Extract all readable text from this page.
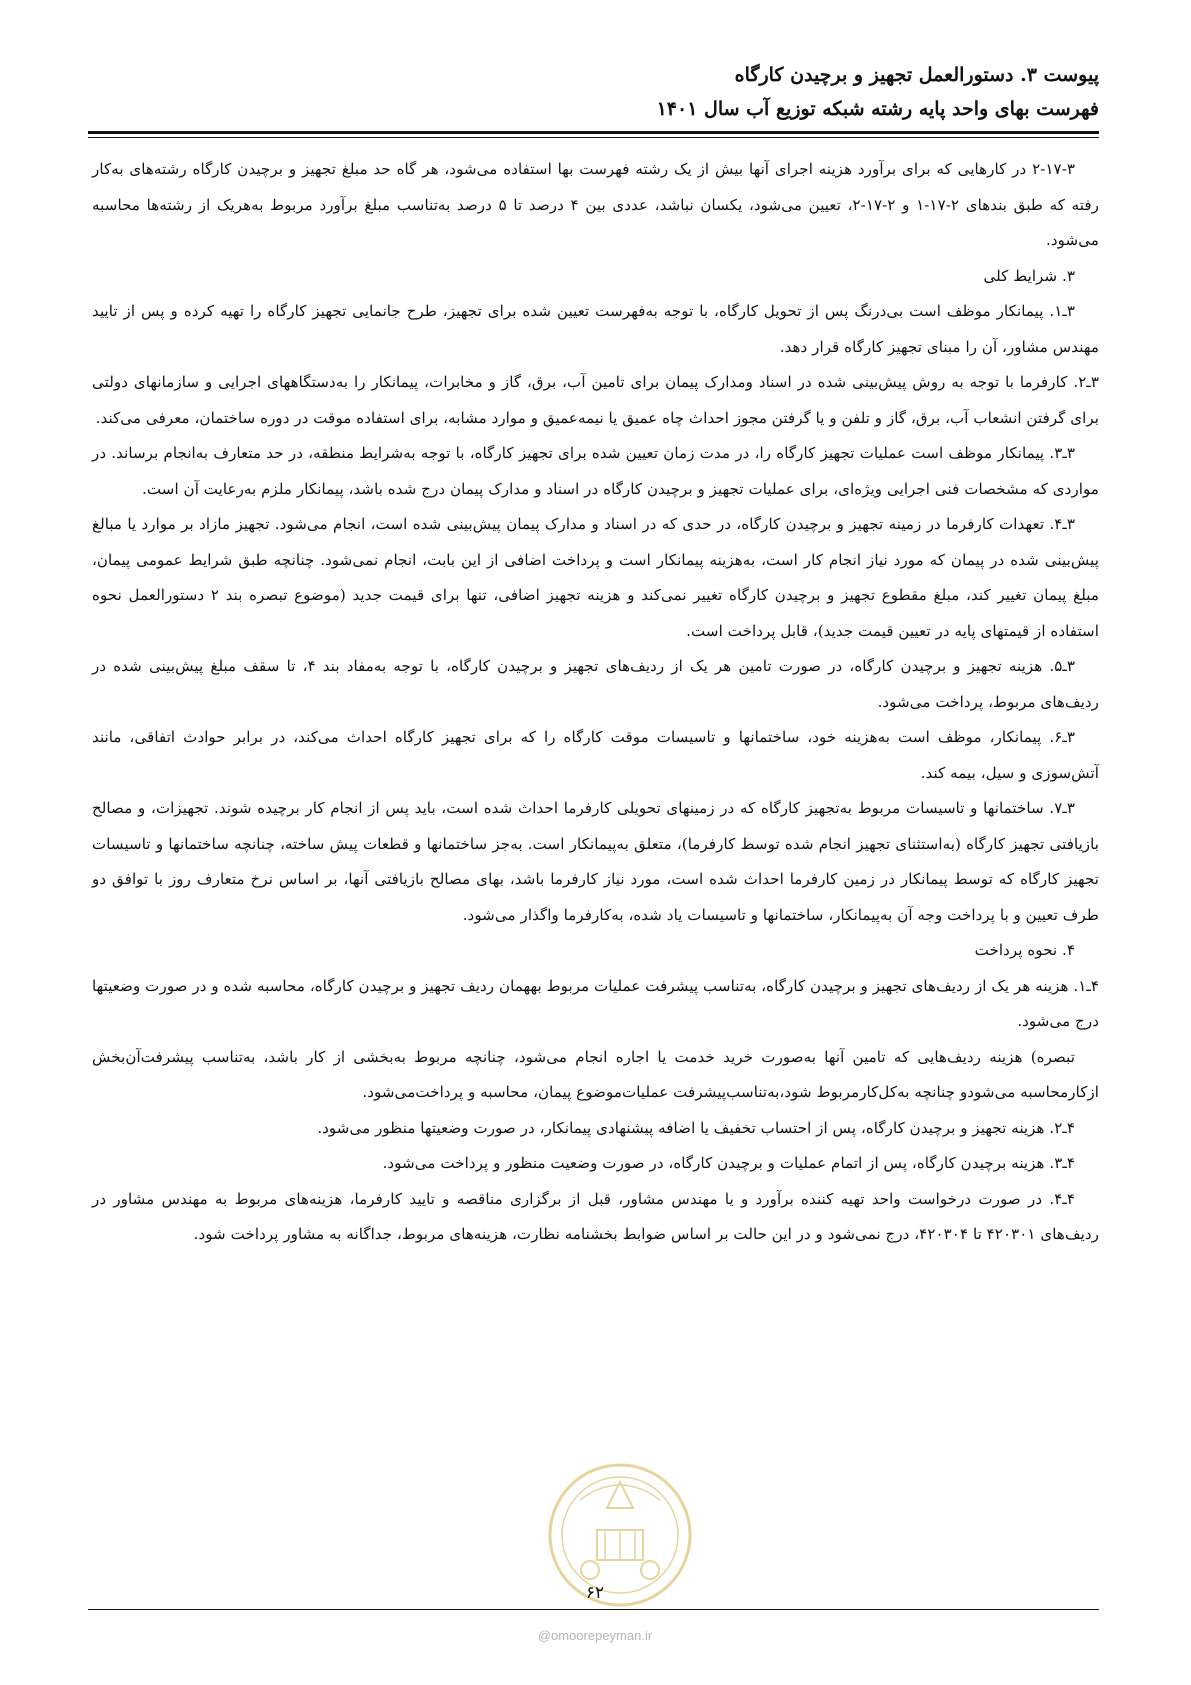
پیوست ۳. دستورالعمل تجهیز و برچیدن کارگاه
فهرست بهای واحد پایه رشته شبکه توزیع آب سال ۱۴۰۱

۲-۱۷-۳ در کارهایی که برای برآورد هزینه اجرای آنها بیش از یک رشته فهرست بها استفاده می‌شود، هر گاه حد مبلغ تجهیز و برچیدن کارگاه رشته‌های به‌کار رفته که طبق بندهای ۲-۱۷-۱ و ۲-۱۷-۲، تعیین می‌شود، یکسان نباشد، عددی بین ۴ درصد تا ۵ درصد به‌تناسب مبلغ برآورد مربوط به‌هریک از رشته‌ها محاسبه می‌شود.

۳. شرایط کلی

۳ـ۱. پیمانکار موظف است بی‌درنگ پس از تحویل کارگاه، با توجه به‌فهرست تعیین شده برای تجهیز، طرح جانمایی تجهیز کارگاه را تهیه کرده و پس از تایید مهندس مشاور، آن را مبنای تجهیز کارگاه قرار دهد.

۳ـ۲. کارفرما با توجه به روش پیش‌بینی شده در اسناد ومدارک پیمان برای تامین آب، برق، گاز و مخابرات، پیمانکار را به‌دستگاههای اجرایی و سازمانهای دولتی برای گرفتن انشعاب آب، برق، گاز و تلفن و یا گرفتن مجوز احداث چاه عمیق یا نیمه‌عمیق و موارد مشابه، برای استفاده موقت در دوره ساختمان، معرفی می‌کند.

۳ـ۳. پیمانکار موظف است عملیات تجهیز کارگاه را، در مدت زمان تعیین شده برای تجهیز کارگاه، با توجه به‌شرایط منطقه، در حد متعارف به‌انجام برساند. در مواردی که مشخصات فنی اجرایی ویژه‌ای، برای عملیات تجهیز و برچیدن کارگاه در اسناد و مدارک پیمان درج شده باشد، پیمانکار ملزم به‌رعایت آن است.

۳ـ۴. تعهدات کارفرما در زمینه تجهیز و برچیدن کارگاه، در حدی که در اسناد و مدارک پیمان پیش‌بینی شده است، انجام می‌شود. تجهیز مازاد بر موارد یا مبالغ پیش‌بینی شده در پیمان که مورد نیاز انجام کار است، به‌هزینه پیمانکار است و پرداخت اضافی از این بابت، انجام نمی‌شود. چنانچه طبق شرایط عمومی پیمان، مبلغ پیمان تغییر کند، مبلغ مقطوع تجهیز و برچیدن کارگاه تغییر نمی‌کند و هزینه تجهیز اضافی، تنها برای قیمت جدید (موضوع تبصره بند ۲ دستورالعمل نحوه استفاده از قیمتهای پایه در تعیین قیمت جدید)، قابل پرداخت است.

۳ـ۵. هزینه تجهیز و برچیدن کارگاه، در صورت تامین هر یک از ردیف‌های تجهیز و برچیدن کارگاه، با توجه به‌مفاد بند ۴، تا سقف مبلغ پیش‌بینی شده در ردیف‌های مربوط، پرداخت می‌شود.

۳ـ۶. پیمانکار، موظف است به‌هزینه خود، ساختمانها و تاسیسات موقت کارگاه را که برای تجهیز کارگاه احداث می‌کند، در برابر حوادث اتفاقی، مانند آتش‌سوزی و سیل، بیمه کند.

۳ـ۷. ساختمانها و تاسیسات مربوط به‌تجهیز کارگاه که در زمینهای تحویلی کارفرما احداث شده است، باید پس از انجام کار برچیده شوند. تجهیزات، و مصالح بازیافتی تجهیز کارگاه (به‌استثنای تجهیز انجام شده توسط کارفرما)، متعلق به‌پیمانکار است. به‌جز ساختمانها و قطعات پیش ساخته، چنانچه ساختمانها و تاسیسات تجهیز کارگاه که توسط پیمانکار در زمین کارفرما احداث شده است، مورد نیاز کارفرما باشد، بهای مصالح بازیافتی آنها، بر اساس نرخ متعارف روز با توافق دو طرف تعیین و با پرداخت وجه آن به‌پیمانکار، ساختمانها و تاسیسات یاد شده، به‌کارفرما واگذار می‌شود.

۴. نحوه پرداخت

۴ـ۱. هزینه هر یک از ردیف‌های تجهیز و برچیدن کارگاه، به‌تناسب پیشرفت عملیات مربوط بههمان ردیف تجهیز و برچیدن کارگاه، محاسبه شده و در صورت وضعیتها درج می‌شود.

تبصره) هزینه ردیف‌هایی که تامین آنها به‌صورت خرید خدمت یا اجاره انجام می‌شود، چنانچه مربوط به‌بخشی از کار باشد، به‌تناسب پیشرفت‌آن‌بخش ازکارمحاسبه می‌شودو چنانچه به‌کل‌کارمربوط شود،به‌تناسب‌پیشرفت عملیات‌موضوع پیمان، محاسبه و پرداخت‌می‌شود.

۴ـ۲. هزینه تجهیز و برچیدن کارگاه، پس از احتساب تخفیف یا اضافه پیشنهادی پیمانکار، در صورت وضعیتها منظور می‌شود.

۴ـ۳. هزینه برچیدن کارگاه، پس از اتمام عملیات و برچیدن کارگاه، در صورت وضعیت منظور و پرداخت می‌شود.

۴ـ۴. در صورت درخواست واحد تهیه کننده برآورد و یا مهندس مشاور، قبل از برگزاری مناقصه و تایید کارفرما، هزینه‌های مربوط به مهندس مشاور در ردیف‌های ۴۲۰۳۰۱ تا ۴۲۰۳۰۴، درج نمی‌شود و در این حالت بر اساس ضوابط بخشنامه نظارت، هزینه‌های مربوط، جداگانه به مشاور پرداخت شود.

۶۲
@omoorepeyman.ir
